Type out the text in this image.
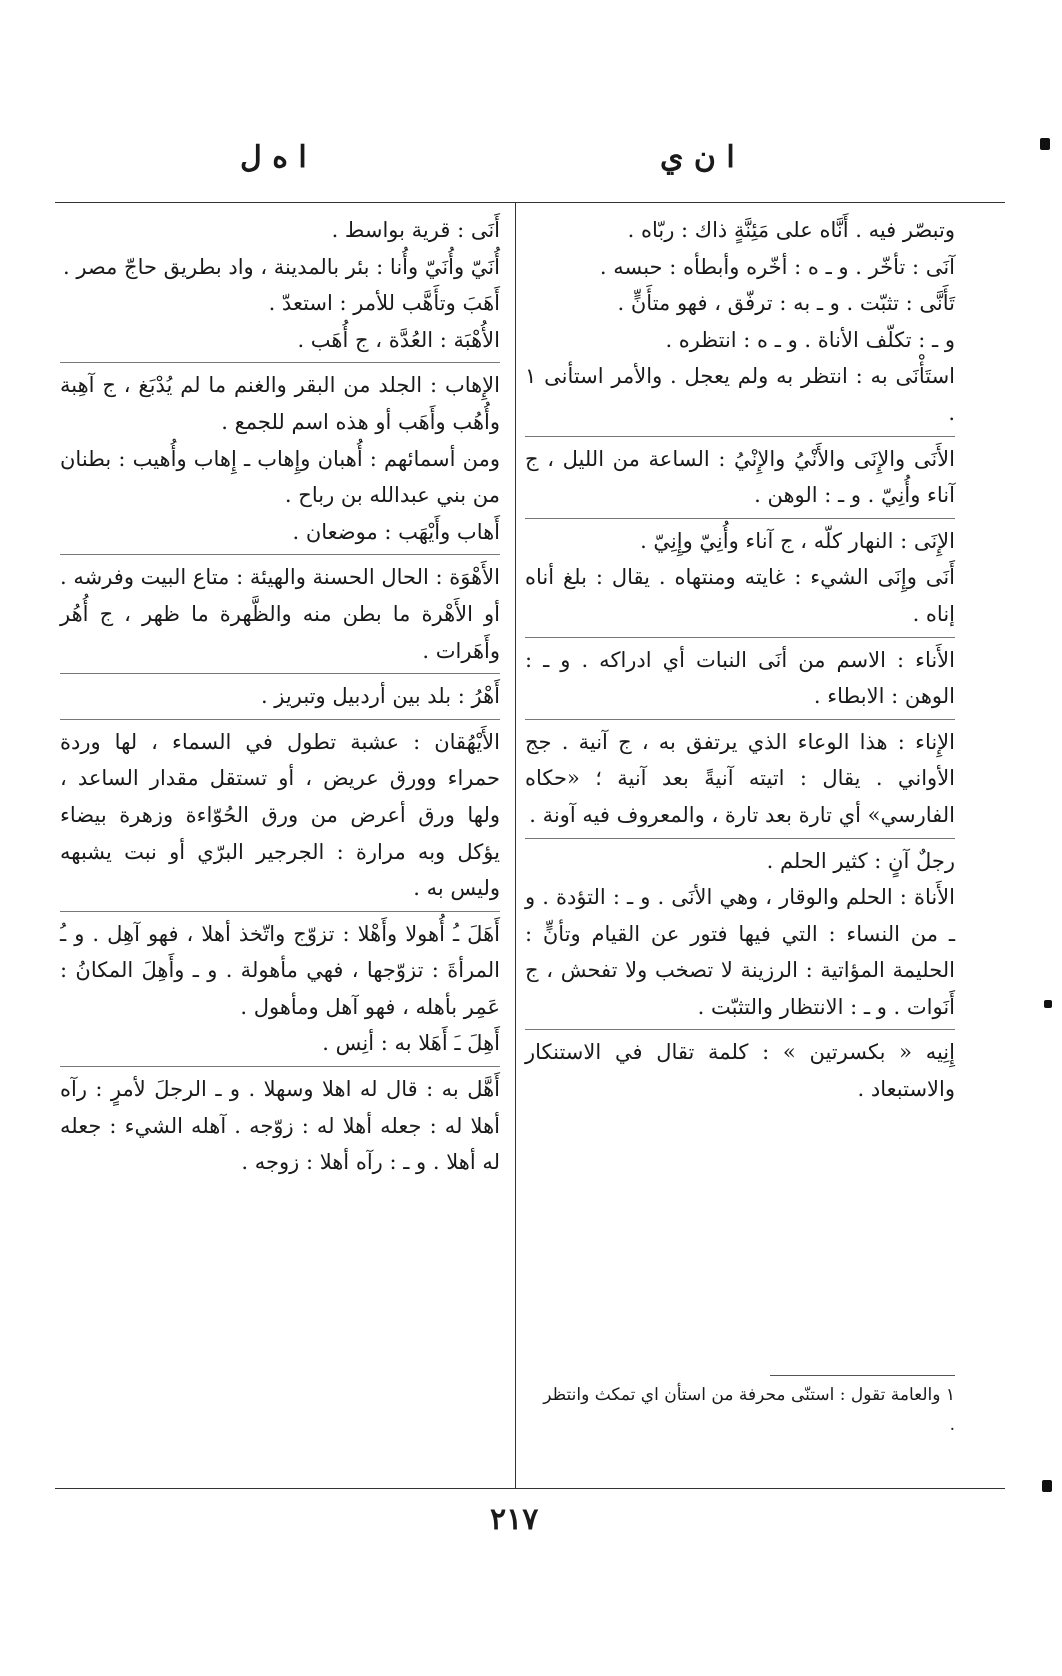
ا ن ي
ا ه ل

وتبصّر فيه . أَنَّاه على مَئِنَّةٍ ذاك : ربّاه .

آنَى : تأخّر . و ـ ه : أخّره وأبطأه : حبسه .

تَأَنَّى : تثبّت . و ـ به : ترفّق ، فهو متأَنٍّ .

و ـ : تكلّف الأناة . و ـ ه : انتظره .

استَأْنَى به : انتظر به ولم يعجل . والأمر استأنى ١ .

الأَنَى والإِنَى والأَنْيُ والإِنْيُ : الساعة من الليل ، ج آناء وأُنِيّ . و ـ : الوهن .

الإِنَى : النهار كلّه ، ج آناء وأُنِيّ وإِنِيّ .

أَنَى وإِنَى الشيء : غايته ومنتهاه . يقال : بلغ أناه إناه .

الأَناء : الاسم من أنَى النبات أي ادراكه . و ـ : الوهن : الابطاء .

الإِناء : هذا الوعاء الذي يرتفق به ، ج آنية . جج الأواني . يقال : اتيته آنيةً بعد آنية ؛ «حكاه الفارسي» أي تارة بعد تارة ، والمعروف فيه آونة .

رجلٌ آنٍ : كثير الحلم .

الأَناة : الحلم والوقار ، وهي الأنَى . و ـ : التؤدة . و ـ من النساء : التي فيها فتور عن القيام وتأنٍّ : الحليمة المؤاتية : الرزينة لا تصخب ولا تفحش ، ج أَنَوات . و ـ : الانتظار والتثبّت .

إِنِيه « بكسرتين » : كلمة تقال في الاستنكار والاستبعاد .

١ والعامة تقول : استنّى محرفة من استأن اي تمكث وانتظر .

أَنَى : قرية بواسط .

أُنَيّ وأُنَيّ وأُنا : بئر بالمدينة ، واد بطريق حاجّ مصر .

أَهَبَ وتأَهَّب للأمر : استعدّ .

الأُهْبَة : العُدَّة ، ج أُهَب .

الإِهاب : الجلد من البقر والغنم ما لم يُدْبَغ ، ج آهِبة وأُهُب وأَهَب أو هذه اسم للجمع .

ومن أسمائهم : أُهبان وإِهاب ـ إِهاب وأُهيب : بطنان من بني عبدالله بن رباح .

أَهاب وأَيْهَب : موضعان .

الأَهْوَة : الحال الحسنة والهيئة : متاع البيت وفرشه . أو الأَهْرة ما بطن منه والظَّهرة ما ظهر ، ج أُهُر وأَهَرات .

أَهْرُ : بلد بين أردبيل وتبريز .

الأَيْهُقان : عشبة تطول في السماء ، لها وردة حمراء وورق عريض ، أو تستقل مقدار الساعد ، ولها ورق أعرض من ورق الحُوّاءة وزهرة بيضاء يؤكل وبه مرارة : الجرجير البرّي أو نبت يشبهه وليس به .

أَهَلَ ـُ أُهولا وأَهْلا : تزوّج واتّخذ أهلا ، فهو آهِل . و ـُ المرأةَ : تزوّجها ، فهي مأهولة . و ـ وأَهِلَ المكانُ : عَمِر بأهله ، فهو آهل ومأهول .

أَهِلَ ـَ أَهَلا به : أنِس .

أَهَّل به : قال له اهلا وسهلا . و ـ الرجلَ لأمرٍ : رآه أهلا له : جعله أهلا له : زوّجه . آهله الشيء : جعله له أهلا . و ـ : رآه أهلا : زوجه .

٢١٧
